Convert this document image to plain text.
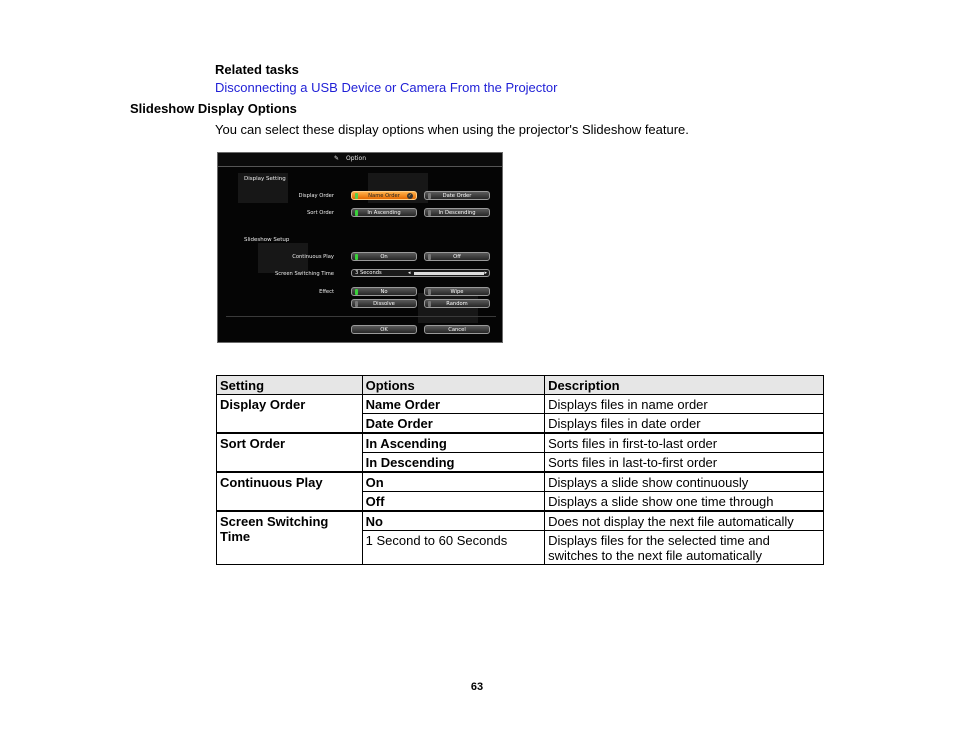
Related tasks
Disconnecting a USB Device or Camera From the Projector
Slideshow Display Options
You can select these display options when using the projector's Slideshow feature.
✎ Option
Display Setting
Display Order	Name Order ✓	Date Order
Sort Order	In Ascending	In Descending
Slideshow Setup
Continuous Play	On	Off
Screen Switching Time	3 Seconds	◂	▸
Effect	No	Wipe
Dissolve	Random
OK	Cancel
Setting	Options	Description
Display Order	Name Order	Displays files in name order
	Date Order	Displays files in date order
Sort Order	In Ascending	Sorts files in first-to-last order
	In Descending	Sorts files in last-to-first order
Continuous Play	On	Displays a slide show continuously
	Off	Displays a slide show one time through
Screen Switching Time	No	Does not display the next file automatically
	1 Second to 60 Seconds	Displays files for the selected time and switches to the next file automatically
63
